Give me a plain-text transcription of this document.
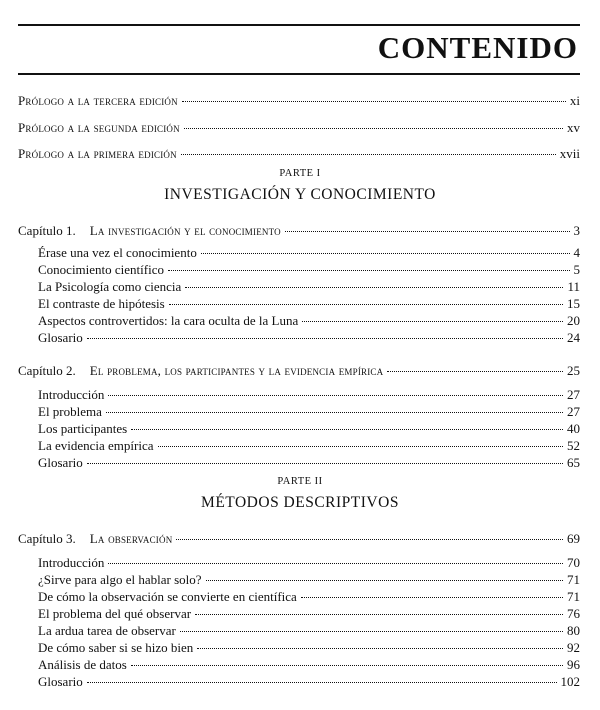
CONTENIDO
Prólogo a la tercera edición	xi
Prólogo a la segunda edición	xv
Prólogo a la primera edición	xvii
PARTE I
INVESTIGACIÓN Y CONOCIMIENTO
Capítulo 1. La investigación y el conocimiento	3
Érase una vez el conocimiento	4
Conocimiento científico	5
La Psicología como ciencia	11
El contraste de hipótesis	15
Aspectos controvertidos: la cara oculta de la Luna	20
Glosario	24
Capítulo 2. El problema, los participantes y la evidencia empírica	25
Introducción	27
El problema	27
Los participantes	40
La evidencia empírica	52
Glosario	65
PARTE II
MÉTODOS DESCRIPTIVOS
Capítulo 3. La observación	69
Introducción	70
¿Sirve para algo el hablar solo?	71
De cómo la observación se convierte en científica	71
El problema del qué observar	76
La ardua tarea de observar	80
De cómo saber si se hizo bien	92
Análisis de datos	96
Glosario	102
